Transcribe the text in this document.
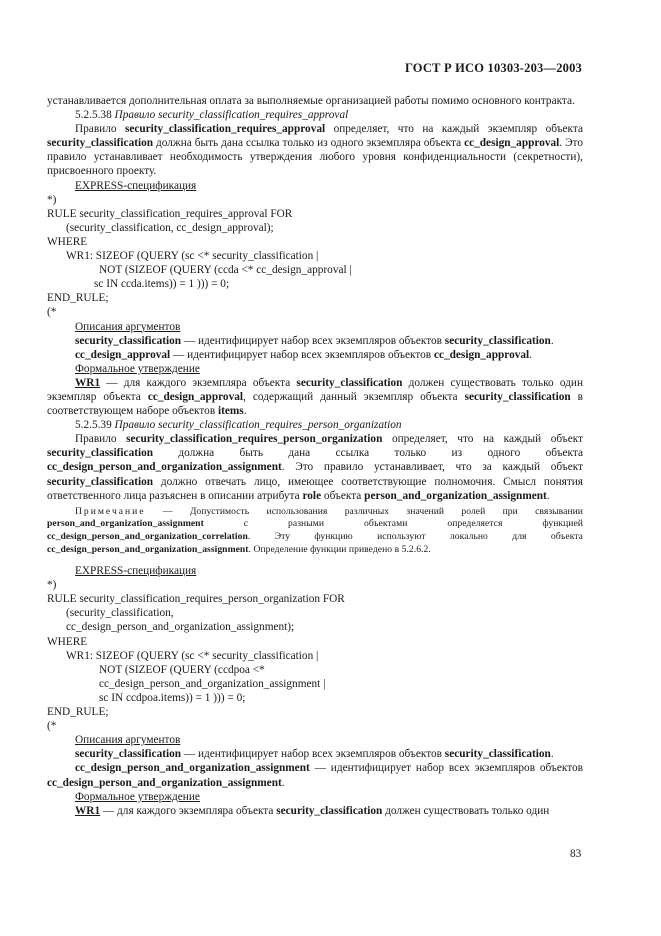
ГОСТ Р ИСО 10303-203—2003

устанавливается дополнительная оплата за выполняемые организацией работы помимо основного контракта.

5.2.5.38 Правило security_classification_requires_approval

Правило security_classification_requires_approval определяет, что на каждый экземпляр объекта security_classification должна быть дана ссылка только из одного экземпляра объекта cc_design_approval. Это правило устанавливает необходимость утверждения любого уровня конфиденциальности (секретности), присвоенного проекту.

EXPRESS-спецификация

*)

RULE security_classification_requires_approval FOR

(security_classification, cc_design_approval);

WHERE

WR1: SIZEOF (QUERY (sc <* security_classification |

NOT (SIZEOF (QUERY (ccda <* cc_design_approval |

sc IN ccda.items)) = 1 ))) = 0;

END_RULE;

(*

Описания аргументов

security_classification — идентифицирует набор всех экземпляров объектов security_classification.

cc_design_approval — идентифицирует набор всех экземпляров объектов cc_design_approval.

Формальное утверждение

WR1 — для каждого экземпляра объекта security_classification должен существовать только один экземпляр объекта cc_design_approval, содержащий данный экземпляр объекта security_classification в соответствующем наборе объектов items.

5.2.5.39 Правило security_classification_requires_person_organization

Правило security_classification_requires_person_organization определяет, что на каждый объект security_classification должна быть дана ссылка только из одного объекта cc_design_person_and_organization_assignment. Это правило устанавливает, что за каждый объект security_classification должно отвечать лицо, имеющее соответствующие полномочия. Смысл понятия ответственного лица разъяснен в описании атрибута role объекта person_and_organization_assignment.

Примечание — Допустимость использования различных значений ролей при связывании person_and_organization_assignment с разными объектами определяется функцией cc_design_person_and_organization_correlation. Эту функцию используют локально для объекта cc_design_person_and_organization_assignment. Определение функции приведено в 5.2.6.2.

EXPRESS-спецификация

*)

RULE security_classification_requires_person_organization FOR

(security_classification,

cc_design_person_and_organization_assignment);

WHERE

WR1: SIZEOF (QUERY (sc <* security_classification |

NOT (SIZEOF (QUERY (ccdpoa <*

cc_design_person_and_organization_assignment |

sc IN ccdpoa.items)) = 1 ))) = 0;

END_RULE;

(*

Описания аргументов

security_classification — идентифицирует набор всех экземпляров объектов security_classification.

cc_design_person_and_organization_assignment — идентифицирует набор всех экземпляров объектов cc_design_person_and_organization_assignment.

Формальное утверждение

WR1 — для каждого экземпляра объекта security_classification должен существовать только один

83
